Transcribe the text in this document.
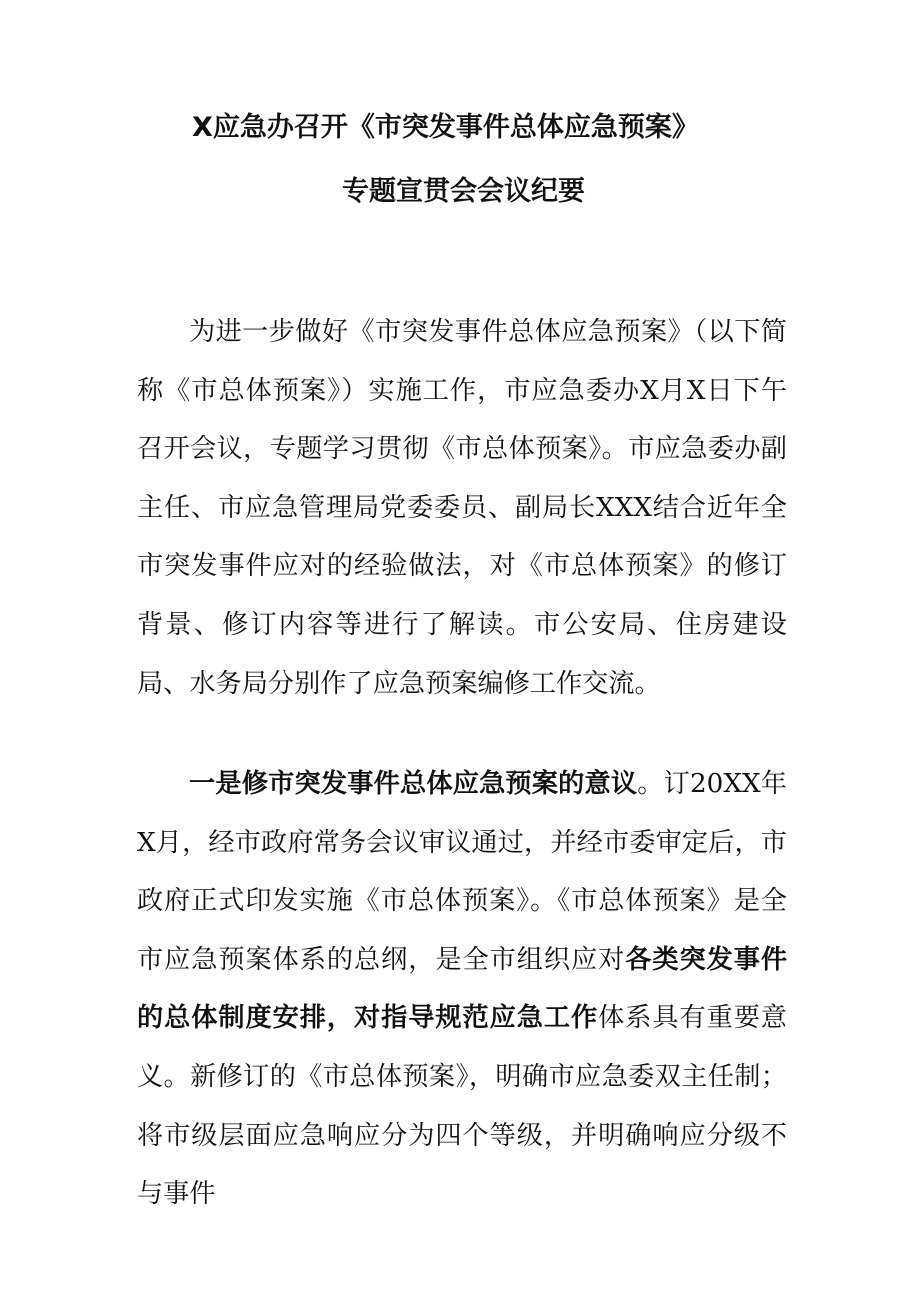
X应急办召开《市突发事件总体应急预案》
专题宣贯会会议纪要

为进一步做好《市突发事件总体应急预案》（以下简称《市总体预案》）实施工作，市应急委办X月X日下午召开会议，专题学习贯彻《市总体预案》。市应急委办副主任、市应急管理局党委委员、副局长XXX结合近年全市突发事件应对的经验做法，对《市总体预案》的修订背景、修订内容等进行了解读。市公安局、住房建设局、水务局分别作了应急预案编修工作交流。

一是修市突发事件总体应急预案的意议。订20XX年X月，经市政府常务会议审议通过，并经市委审定后，市政府正式印发实施《市总体预案》。《市总体预案》是全市应急预案体系的总纲，是全市组织应对各类突发事件的总体制度安排，对指导规范应急工作体系具有重要意义。新修订的《市总体预案》，明确市应急委双主任制；将市级层面应急响应分为四个等级，并明确响应分级不与事件
